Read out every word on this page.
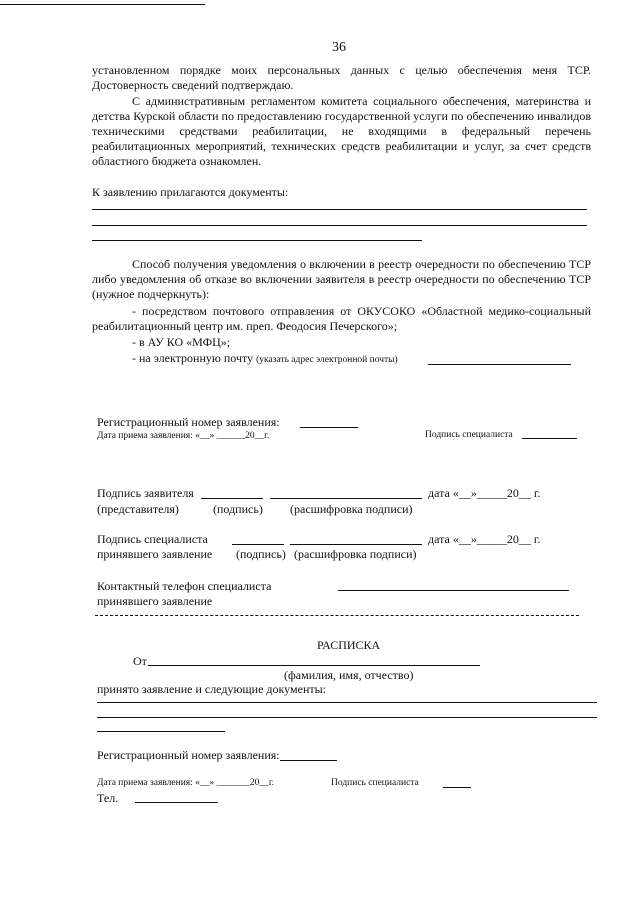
36
установленном порядке моих персональных данных с целью обеспечения меня ТСР. Достоверность сведений подтверждаю.
С административным регламентом комитета социального обеспечения, материнства и детства Курской области по предоставлению государственной услуги по обеспечению инвалидов техническими средствами реабилитации, не входящими в федеральный перечень реабилитационных мероприятий, технических средств реабилитации и услуг, за счет средств областного бюджета ознакомлен.
К заявлению прилагаются документы:
Способ получения уведомления о включении в реестр очередности по обеспечению ТСР либо уведомления об отказе во включении заявителя в реестр очередности по обеспечению ТСР (нужное подчеркнуть):
- посредством почтового отправления от ОКУСОКО «Областной медико-социальный реабилитационный центр им. преп. Феодосия Печерского»;
- в АУ КО «МФЦ»;
- на электронную почту (указать адрес электронной почты)
Регистрационный номер заявления:
Дата приема заявления: «__» ______20__г.	Подпись специалиста
Подпись заявителя	дата «__»_____20__ г.
(представителя)	(подпись) (расшифровка подписи)
Подпись специалиста	дата «__»_____20__ г.
принявшего заявление (подпись) (расшифровка подписи)
Контактный телефон специалиста
принявшего заявление
РАСПИСКА
От
(фамилия, имя, отчество)
принято заявление и следующие документы:
Регистрационный номер заявления:
Дата приема заявления: «__» _______20__г.	Подпись специалиста
Тел.
